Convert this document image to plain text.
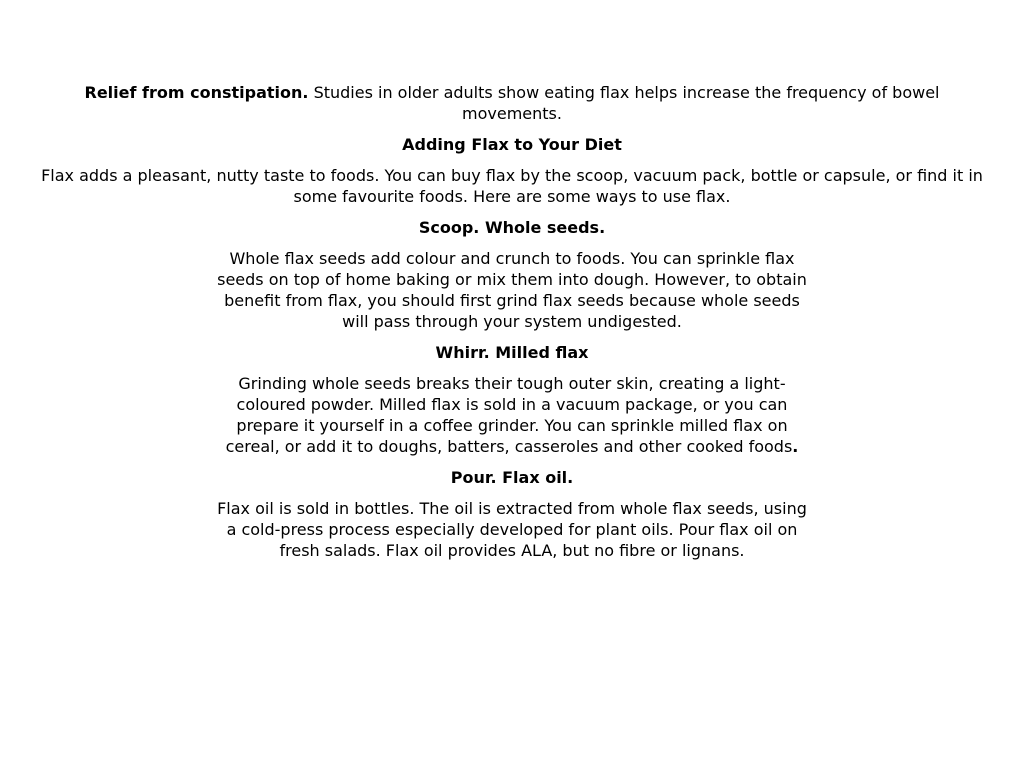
Relief from constipation. Studies in older adults show eating flax helps increase the frequency of bowel movements.

Adding Flax to Your Diet

Flax adds a pleasant, nutty taste to foods. You can buy flax by the scoop, vacuum pack, bottle or capsule, or find it in some favourite foods. Here are some ways to use flax.

Scoop. Whole seeds.

Whole flax seeds add colour and crunch to foods. You can sprinkle flax seeds on top of home baking or mix them into dough. However, to obtain benefit from flax, you should first grind flax seeds because whole seeds will pass through your system undigested.

Whirr. Milled flax

Grinding whole seeds breaks their tough outer skin, creating a light-coloured powder. Milled flax is sold in a vacuum package, or you can prepare it yourself in a coffee grinder. You can sprinkle milled flax on cereal, or add it to doughs, batters, casseroles and other cooked foods.

Pour. Flax oil.

Flax oil is sold in bottles. The oil is extracted from whole flax seeds, using a cold-press process especially developed for plant oils. Pour flax oil on fresh salads. Flax oil provides ALA, but no fibre or lignans.
